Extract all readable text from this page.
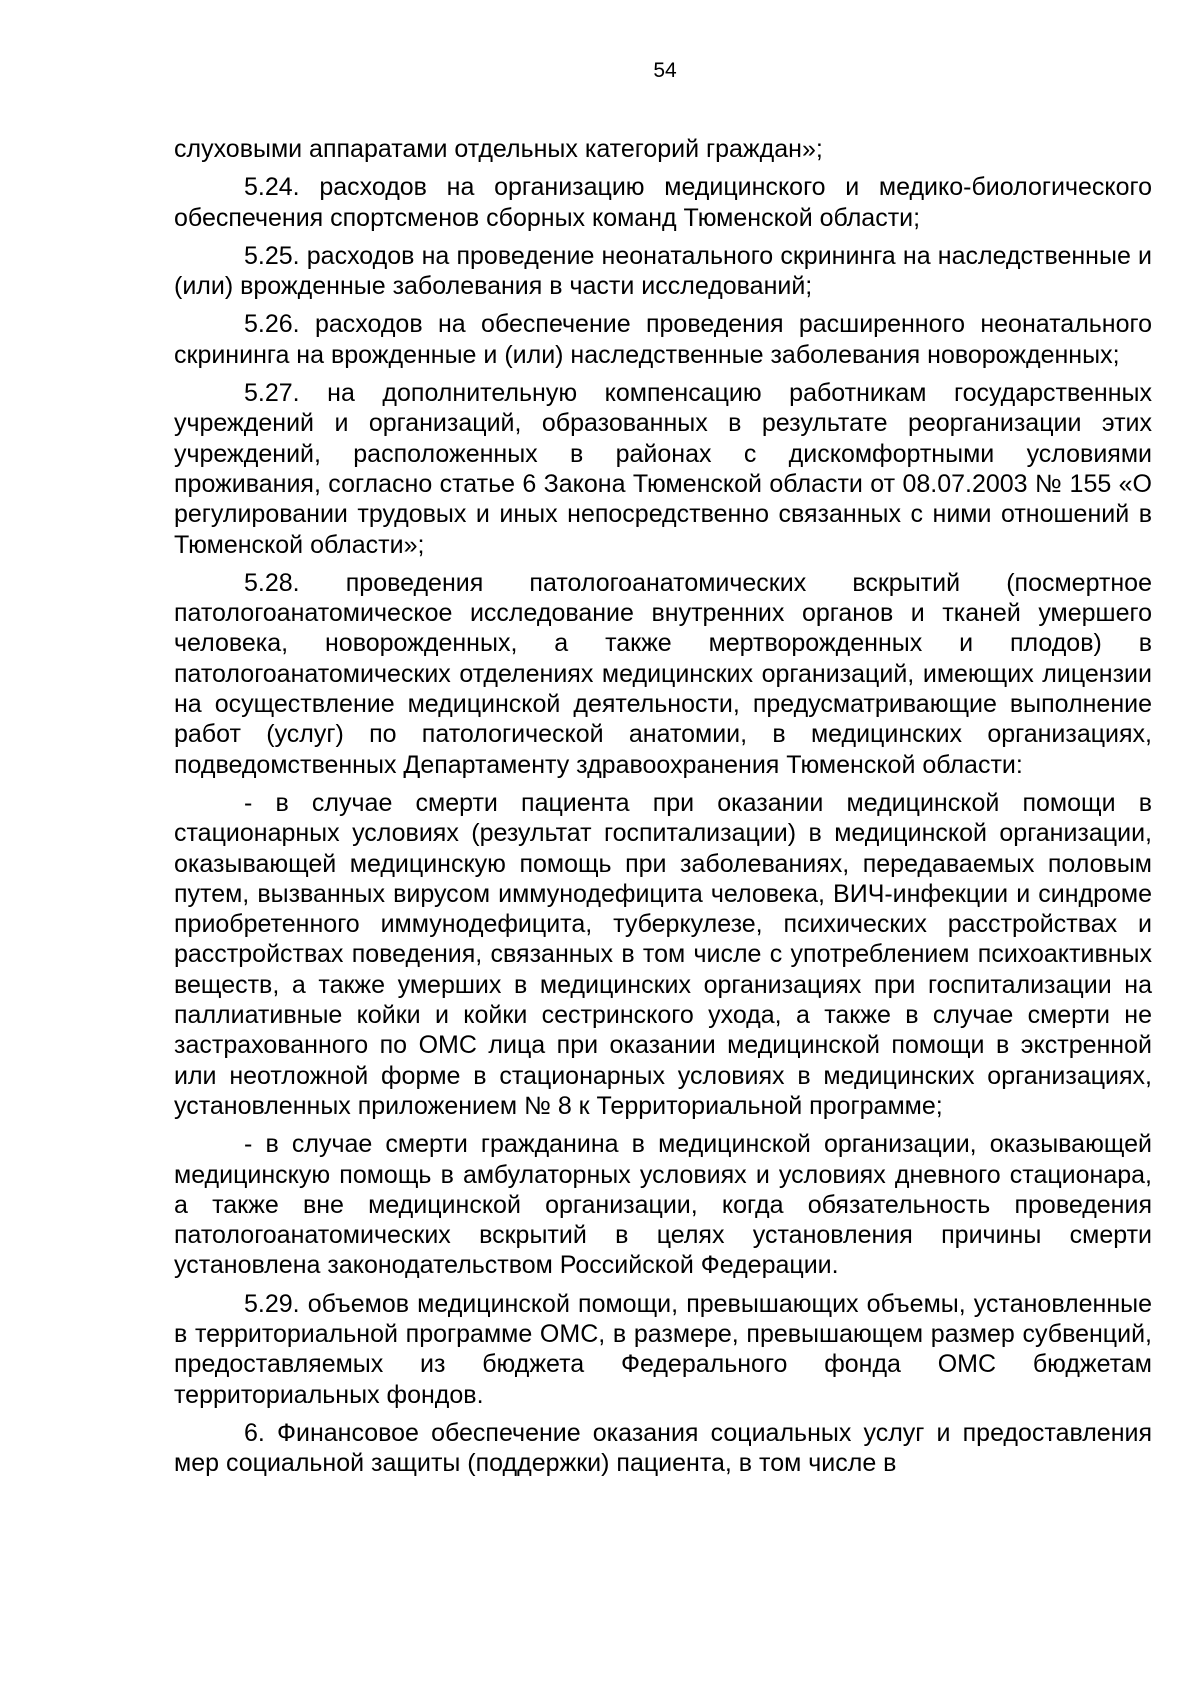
54

слуховыми аппаратами отдельных категорий граждан»;

5.24. расходов на организацию медицинского и медико-биологического обеспечения спортсменов сборных команд Тюменской области;

5.25. расходов на проведение неонатального скрининга на наследственные и (или) врожденные заболевания в части исследований;

5.26. расходов на обеспечение проведения расширенного неонатального скрининга на врожденные и (или) наследственные заболевания новорожденных;

5.27. на дополнительную компенсацию работникам государственных учреждений и организаций, образованных в результате реорганизации этих учреждений, расположенных в районах с дискомфортными условиями проживания, согласно статье 6 Закона Тюменской области от 08.07.2003 № 155 «О регулировании трудовых и иных непосредственно связанных с ними отношений в Тюменской области»;

5.28. проведения патологоанатомических вскрытий (посмертное патологоанатомическое исследование внутренних органов и тканей умершего человека, новорожденных, а также мертворожденных и плодов) в патологоанатомических отделениях медицинских организаций, имеющих лицензии на осуществление медицинской деятельности, предусматривающие выполнение работ (услуг) по патологической анатомии, в медицинских организациях, подведомственных Департаменту здравоохранения Тюменской области:

- в случае смерти пациента при оказании медицинской помощи в стационарных условиях (результат госпитализации) в медицинской организации, оказывающей медицинскую помощь при заболеваниях, передаваемых половым путем, вызванных вирусом иммунодефицита человека, ВИЧ-инфекции и синдроме приобретенного иммунодефицита, туберкулезе, психических расстройствах и расстройствах поведения, связанных в том числе с употреблением психоактивных веществ, а также умерших в медицинских организациях при госпитализации на паллиативные койки и койки сестринского ухода, а также в случае смерти не застрахованного по ОМС лица при оказании медицинской помощи в экстренной или неотложной форме в стационарных условиях в медицинских организациях, установленных приложением № 8 к Территориальной программе;

- в случае смерти гражданина в медицинской организации, оказывающей медицинскую помощь в амбулаторных условиях и условиях дневного стационара, а также вне медицинской организации, когда обязательность проведения патологоанатомических вскрытий в целях установления причины смерти установлена законодательством Российской Федерации.

5.29. объемов медицинской помощи, превышающих объемы, установленные в территориальной программе ОМС, в размере, превышающем размер субвенций, предоставляемых из бюджета Федерального фонда ОМС бюджетам территориальных фондов.

6. Финансовое обеспечение оказания социальных услуг и предоставления мер социальной защиты (поддержки) пациента, в том числе в
